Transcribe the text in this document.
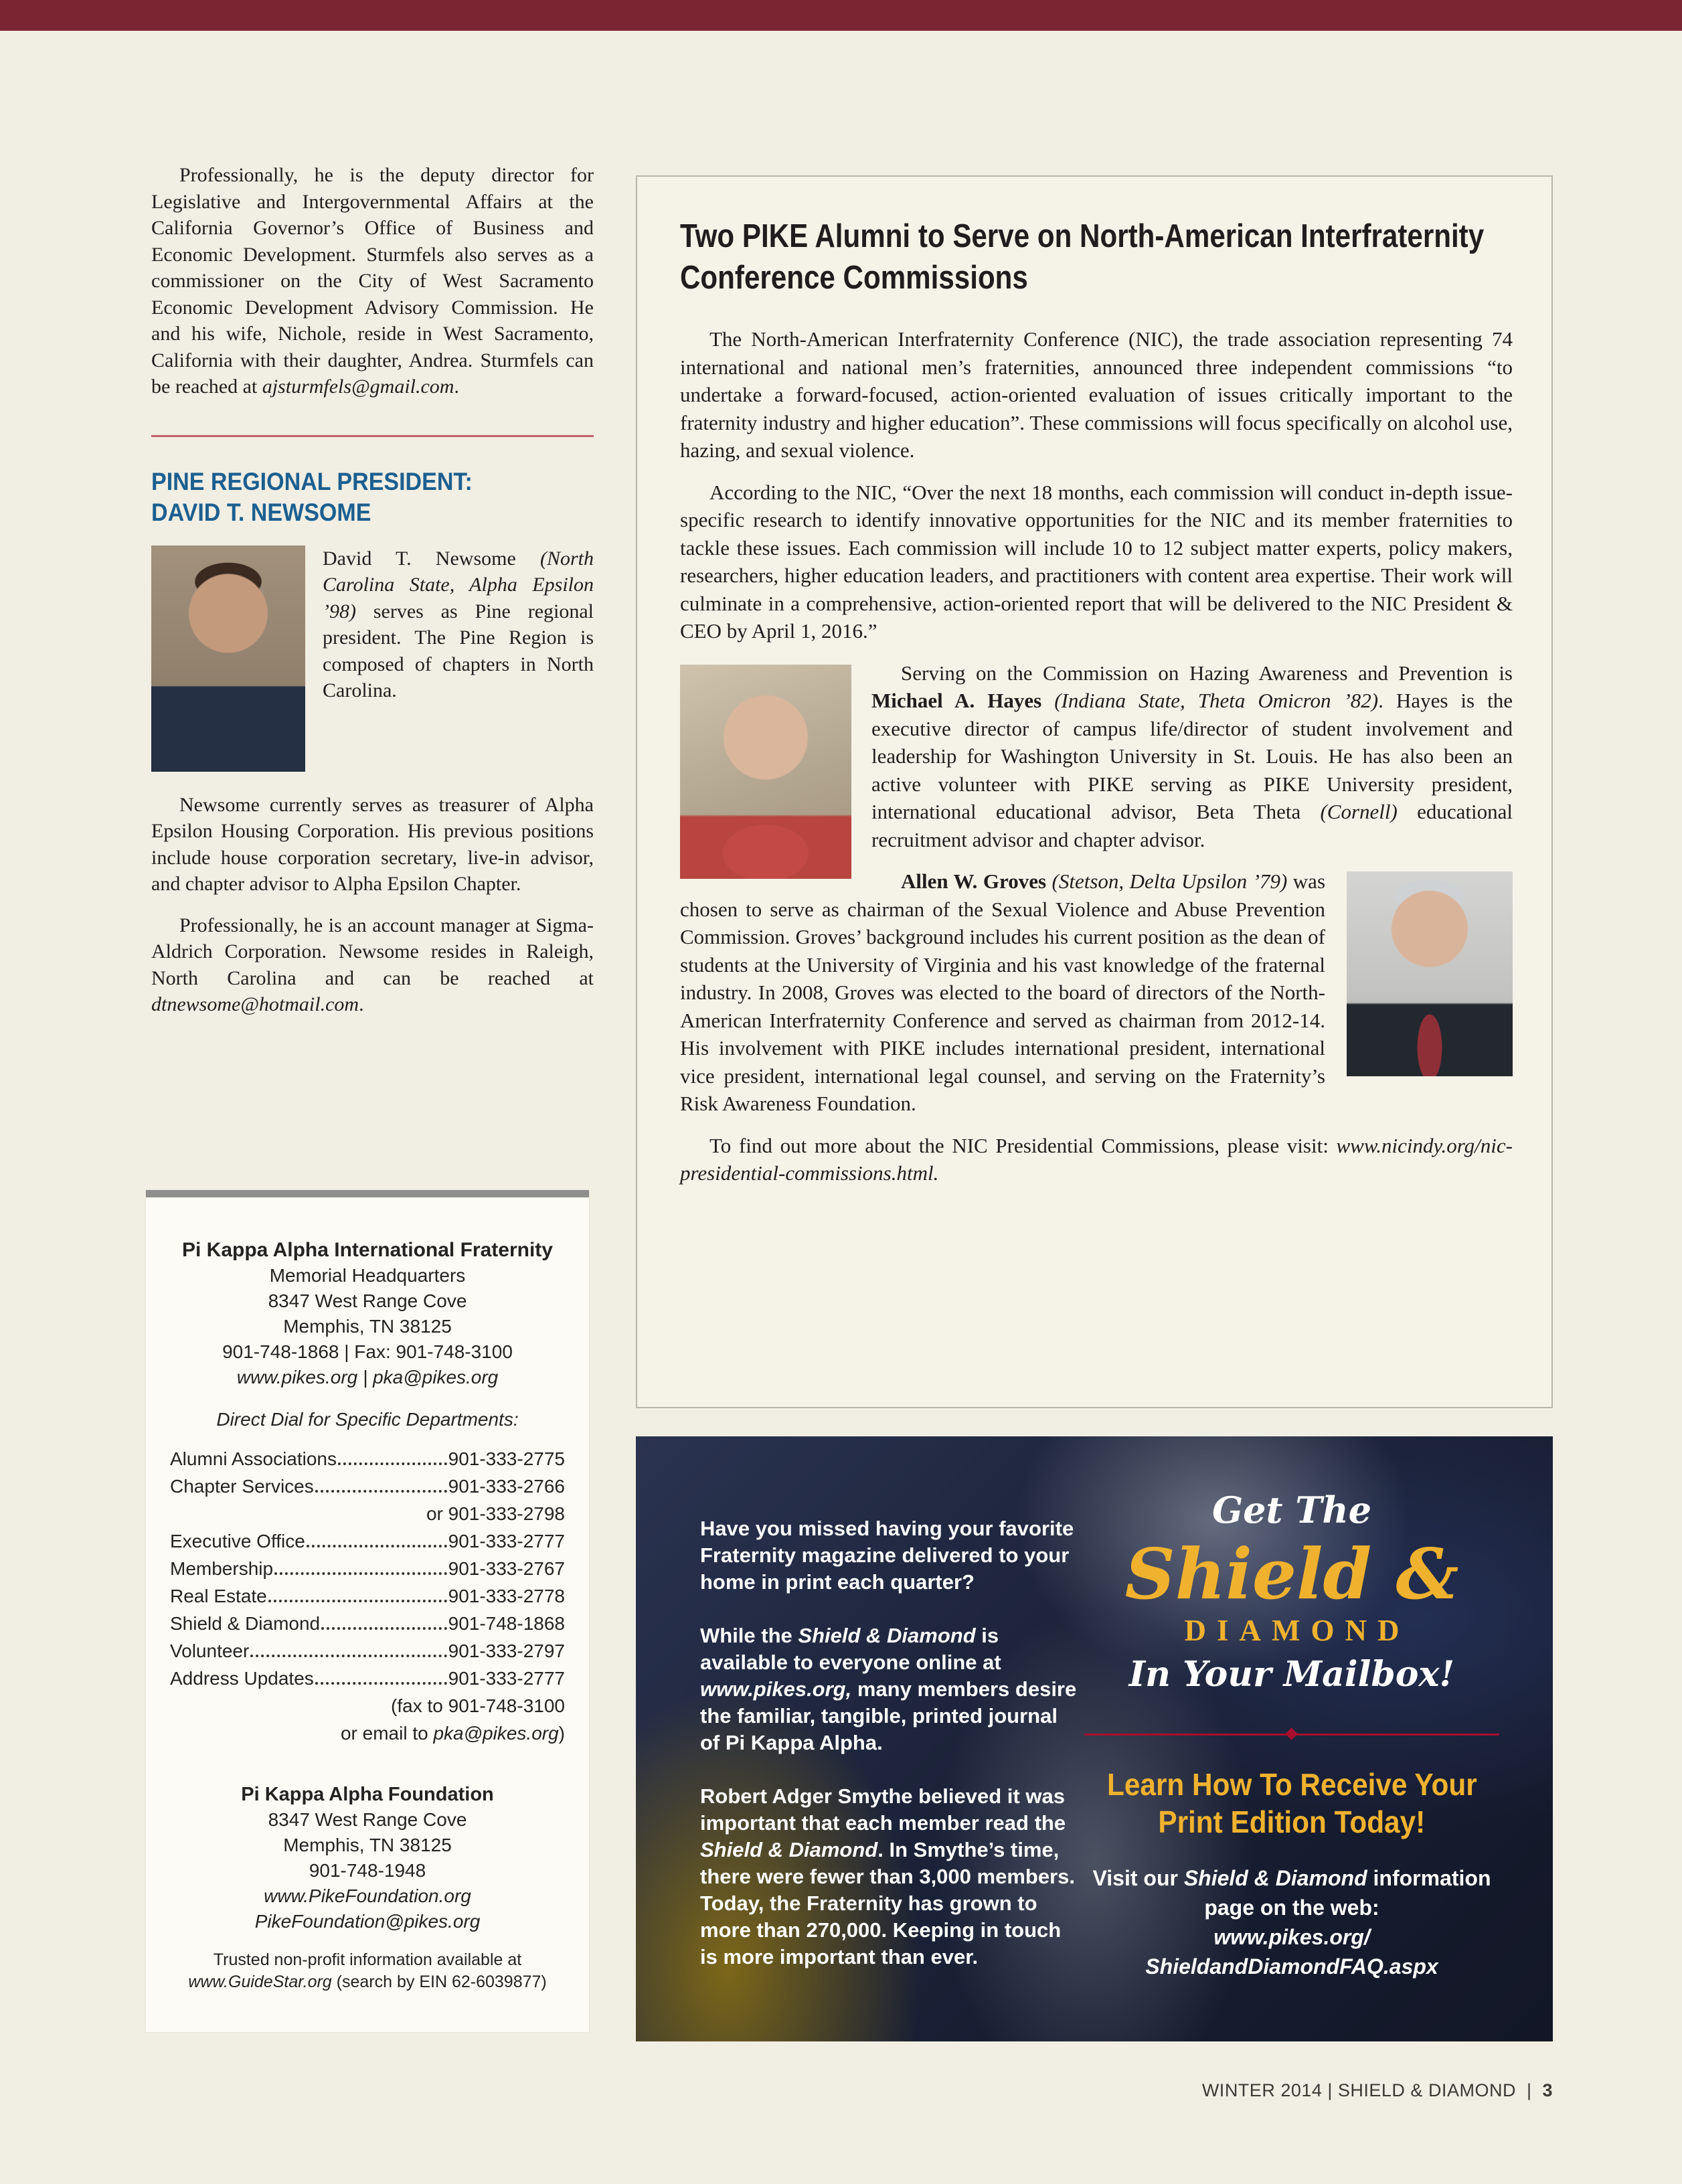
Professionally, he is the deputy director for Legislative and Intergovernmental Affairs at the California Governor’s Office of Business and Economic Development. Sturmfels also serves as a commissioner on the City of West Sacramento Economic Development Advisory Commission. He and his wife, Nichole, reside in West Sacramento, California with their daughter, Andrea. Sturmfels can be reached at ajsturmfels@gmail.com.

PINE REGIONAL PRESIDENT:
DAVID T. NEWSOME
David T. Newsome (North Carolina State, Alpha Epsilon ’98) serves as Pine regional president. The Pine Region is composed of chapters in North Carolina.

Newsome currently serves as treasurer of Alpha Epsilon Housing Corporation. His previous positions include house corporation secretary, live-in advisor, and chapter advisor to Alpha Epsilon Chapter.

Professionally, he is an account manager at Sigma-Aldrich Corporation. Newsome resides in Raleigh, North Carolina and can be reached at dtnewsome@hotmail.com.

Pi Kappa Alpha International Fraternity
Memorial Headquarters
8347 West Range Cove
Memphis, TN 38125
901-748-1868 | Fax: 901-748-3100
www.pikes.org | pka@pikes.org
Direct Dial for Specific Departments:
Alumni Associations	901-333-2775
Chapter Services	901-333-2766
or 901-333-2798
Executive Office	901-333-2777
Membership	901-333-2767
Real Estate	901-333-2778
Shield & Diamond	901-748-1868
Volunteer	901-333-2797
Address Updates	901-333-2777
(fax to 901-748-3100
or email to pka@pikes.org)
Pi Kappa Alpha Foundation
8347 West Range Cove
Memphis, TN 38125
901-748-1948
www.PikeFoundation.org
PikeFoundation@pikes.org
Trusted non-profit information available at
www.GuideStar.org (search by EIN 62-6039877)
Two PIKE Alumni to Serve on North-American Interfraternity
Conference Commissions

The North-American Interfraternity Conference (NIC), the trade association representing 74 international and national men’s fraternities, announced three independent commissions “to undertake a forward-focused, action-oriented evaluation of issues critically important to the fraternity industry and higher education”. These commissions will focus specifically on alcohol use, hazing, and sexual violence.

According to the NIC, “Over the next 18 months, each commission will conduct in-depth issue-specific research to identify innovative opportunities for the NIC and its member fraternities to tackle these issues. Each commission will include 10 to 12 subject matter experts, policy makers, researchers, higher education leaders, and practitioners with content area expertise. Their work will culminate in a comprehensive, action-oriented report that will be delivered to the NIC President & CEO by April 1, 2016.”

Serving on the Commission on Hazing Awareness and Prevention is Michael A. Hayes (Indiana State, Theta Omicron ’82). Hayes is the executive director of campus life/director of student involvement and leadership for Washington University in St. Louis. He has also been an active volunteer with PIKE serving as PIKE University president, international educational advisor, Beta Theta (Cornell) educational recruitment advisor and chapter advisor.

Allen W. Groves (Stetson, Delta Upsilon ’79) was chosen to serve as chairman of the Sexual Violence and Abuse Prevention Commission. Groves’ background includes his current position as the dean of students at the University of Virginia and his vast knowledge of the fraternal industry. In 2008, Groves was elected to the board of directors of the North-American Interfraternity Conference and served as chairman from 2012-14. His involvement with PIKE includes international president, international vice president, international legal counsel, and serving on the Fraternity’s Risk Awareness Foundation.

To find out more about the NIC Presidential Commissions, please visit: www.nicindy.org/nic-presidential-commissions.html.

Have you missed having your favorite Fraternity magazine delivered to your home in print each quarter?

While the Shield & Diamond is available to everyone online at www.pikes.org, many members desire the familiar, tangible, printed journal of Pi Kappa Alpha.

Robert Adger Smythe believed it was important that each member read the Shield & Diamond. In Smythe’s time, there were fewer than 3,000 members. Today, the Fraternity has grown to more than 270,000. Keeping in touch is more important than ever.

Get The
Shield &
DIAMOND
In Your Mailbox!
Learn How To Receive Your
Print Edition Today!
Visit our Shield & Diamond information page on the web:
www.pikes.org/
ShieldandDiamondFAQ.aspx
WINTER 2014 | SHIELD & DIAMOND  |  3
